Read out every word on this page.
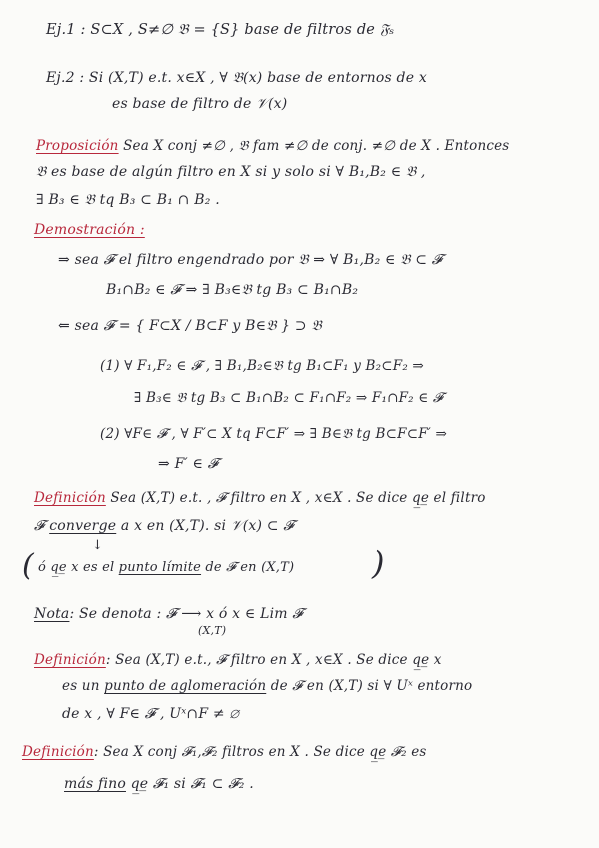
Ej.1 : S⊂X , S≠∅ 𝔅 = {S} base de filtros de 𝔉ₛ
Ej.2 : Si (X,T) e.t. x∈X , ∀ 𝔅(x) base de entornos de x
es base de filtro de 𝒱(x)
Proposición Sea X conj ≠∅ , 𝔅 fam ≠∅ de conj. ≠∅ de X . Entonces
𝔅 es base de algún filtro en X si y solo si ∀ B₁,B₂ ∈ 𝔅 ,
∃ B₃ ∈ 𝔅 tq B₃ ⊂ B₁ ∩ B₂ .
Demostración :
⇒ sea 𝓕 el filtro engendrado por 𝔅 ⇒ ∀ B₁,B₂ ∈ 𝔅 ⊂ 𝓕
B₁∩B₂ ∈ 𝓕 ⇒ ∃ B₃∈𝔅 tg B₃ ⊂ B₁∩B₂
⇐ sea 𝓕 = { F⊂X / B⊂F y B∈𝔅 } ⊃ 𝔅
(1) ∀ F₁,F₂ ∈ 𝓕 , ∃ B₁,B₂∈𝔅 tg B₁⊂F₁ y B₂⊂F₂ ⇒
∃ B₃∈ 𝔅 tg B₃ ⊂ B₁∩B₂ ⊂ F₁∩F₂ ⇒ F₁∩F₂ ∈ 𝓕
(2) ∀F∈ 𝓕 , ∀ F′⊂ X tq F⊂F′ ⇒ ∃ B∈𝔅 tg B⊂F⊂F′ ⇒
⇒ F′ ∈ 𝓕
Definición Sea (X,T) e.t. , 𝓕 filtro en X , x∈X . Se dice q̲e̲ el filtro
𝓕 converge a x en (X,T). si 𝒱(x) ⊂ 𝓕
↓
( ó q̲e̲ x es el punto límite de 𝓕 en (X,T) )
Nota: Se denota : 𝓕 ⟶ x ó x ∈ Lim 𝓕
(X,T)
Definición: Sea (X,T) e.t., 𝓕 filtro en X , x∈X . Se dice q̲e̲ x
es un punto de aglomeración de 𝓕 en (X,T) si ∀ Uˣ entorno
de x , ∀ F∈ 𝓕 , Uˣ∩F ≠ ∅
Definición: Sea X conj 𝓕₁,𝓕₂ filtros en X . Se dice q̲e̲ 𝓕₂ es
más fino q̲e̲ 𝓕₁ si 𝓕₁ ⊂ 𝓕₂ .
